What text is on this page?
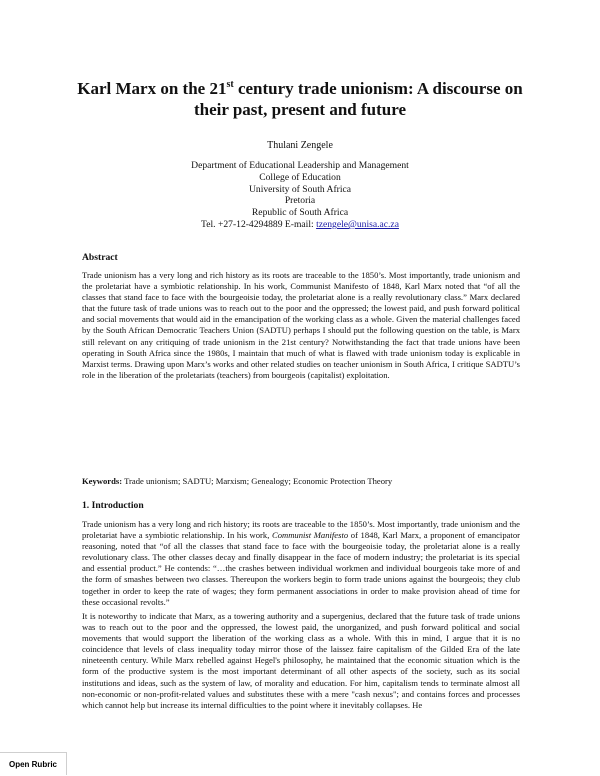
Karl Marx on the 21st century trade unionism: A discourse on
their past, present and future
Thulani Zengele
Department of Educational Leadership and Management
College of Education
University of South Africa
Pretoria
Republic of South Africa
Tel. +27-12-4294889 E-mail: tzengele@unisa.ac.za
Abstract
Trade unionism has a very long and rich history as its roots are traceable to the 1850’s. Most importantly, trade unionism and the proletariat have a symbiotic relationship. In his work, Communist Manifesto of 1848, Karl Marx noted that “of all the classes that stand face to face with the bourgeoisie today, the proletariat alone is a really revolutionary class.” Marx declared that the future task of trade unions was to reach out to the poor and the oppressed; the lowest paid, and push forward political and social movements that would aid in the emancipation of the working class as a whole. Given the material challenges faced by the South African Democratic Teachers Union (SADTU) perhaps I should put the following question on the table, is Marx still relevant on any critiquing of trade unionism in the 21st century? Notwithstanding the fact that trade unions have been operating in South Africa since the 1980s, I maintain that much of what is flawed with trade unionism today is explicable in Marxist terms. Drawing upon Marx’s works and other related studies on teacher unionism in South Africa, I critique SADTU’s role in the liberation of the proletariats (teachers) from bourgeois (capitalist) exploitation.
Keywords: Trade unionism; SADTU; Marxism; Genealogy; Economic Protection Theory
1. Introduction
Trade unionism has a very long and rich history; its roots are traceable to the 1850’s. Most importantly, trade unionism and the proletariat have a symbiotic relationship. In his work, Communist Manifesto of 1848, Karl Marx, a proponent of emancipator reasoning, noted that “of all the classes that stand face to face with the bourgeoisie today, the proletariat alone is a really revolutionary class. The other classes decay and finally disappear in the face of modern industry; the proletariat is its special and essential product.” He contends: “…the crashes between individual workmen and individual bourgeois take more of and the form of smashes between two classes. Thereupon the workers begin to form trade unions against the bourgeois; they club together in order to keep the rate of wages; they form permanent associations in order to make provision ahead of time for these occasional revolts.”
It is noteworthy to indicate that Marx, as a towering authority and a supergenius, declared that the future task of trade unions was to reach out to the poor and the oppressed, the lowest paid, the unorganized, and push forward political and social movements that would support the liberation of the working class as a whole. With this in mind, I argue that it is no coincidence that levels of class inequality today mirror those of the laissez faire capitalism of the Gilded Era of the late nineteenth century. While Marx rebelled against Hegel's philosophy, he maintained that the economic situation which is the form of the productive system is the most important determinant of all other aspects of the society, such as its social institutions and ideas, such as the system of law, of morality and education. For him, capitalism tends to terminate almost all non-economic or non-profit-related values and substitutes these with a mere "cash nexus"; and contains forces and processes which cannot help but increase its internal difficulties to the point where it inevitably collapses. He
Open Rubric
